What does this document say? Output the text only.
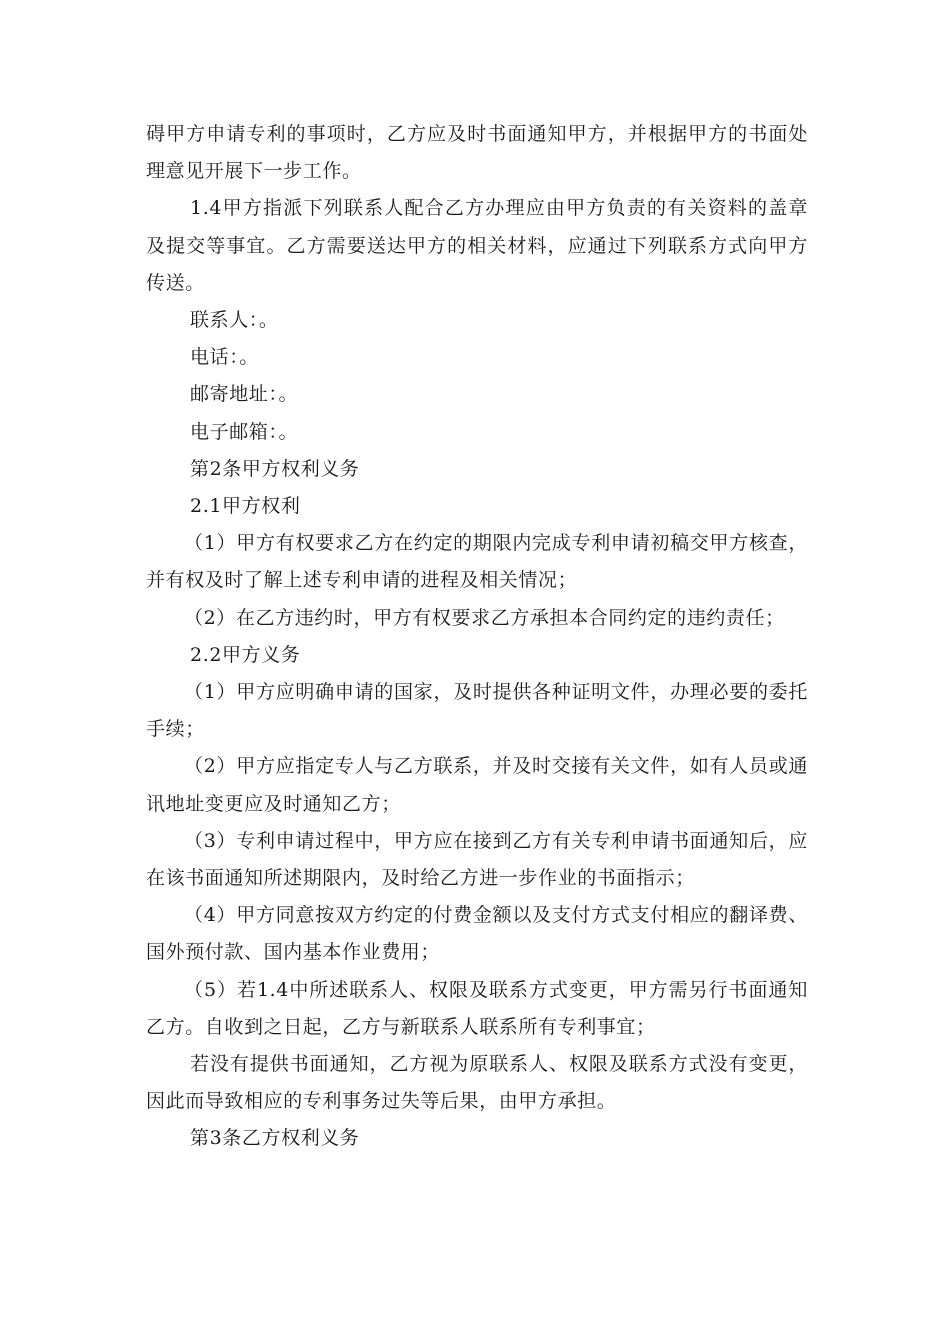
碍甲方申请专利的事项时，乙方应及时书面通知甲方，并根据甲方的书面处理意见开展下一步工作。

1.4甲方指派下列联系人配合乙方办理应由甲方负责的有关资料的盖章及提交等事宜。乙方需要送达甲方的相关材料，应通过下列联系方式向甲方传送。

联系人：。

电话：。

邮寄地址：。

电子邮箱：。

第2条甲方权利义务

2.1甲方权利

（1）甲方有权要求乙方在约定的期限内完成专利申请初稿交甲方核查，并有权及时了解上述专利申请的进程及相关情况；

（2）在乙方违约时，甲方有权要求乙方承担本合同约定的违约责任；

2.2甲方义务

（1）甲方应明确申请的国家，及时提供各种证明文件，办理必要的委托手续；

（2）甲方应指定专人与乙方联系，并及时交接有关文件，如有人员或通讯地址变更应及时通知乙方；

（3）专利申请过程中，甲方应在接到乙方有关专利申请书面通知后，应在该书面通知所述期限内，及时给乙方进一步作业的书面指示；

（4）甲方同意按双方约定的付费金额以及支付方式支付相应的翻译费、国外预付款、国内基本作业费用；

（5）若1.4中所述联系人、权限及联系方式变更，甲方需另行书面通知乙方。自收到之日起，乙方与新联系人联系所有专利事宜；

若没有提供书面通知，乙方视为原联系人、权限及联系方式没有变更，因此而导致相应的专利事务过失等后果，由甲方承担。

第3条乙方权利义务
